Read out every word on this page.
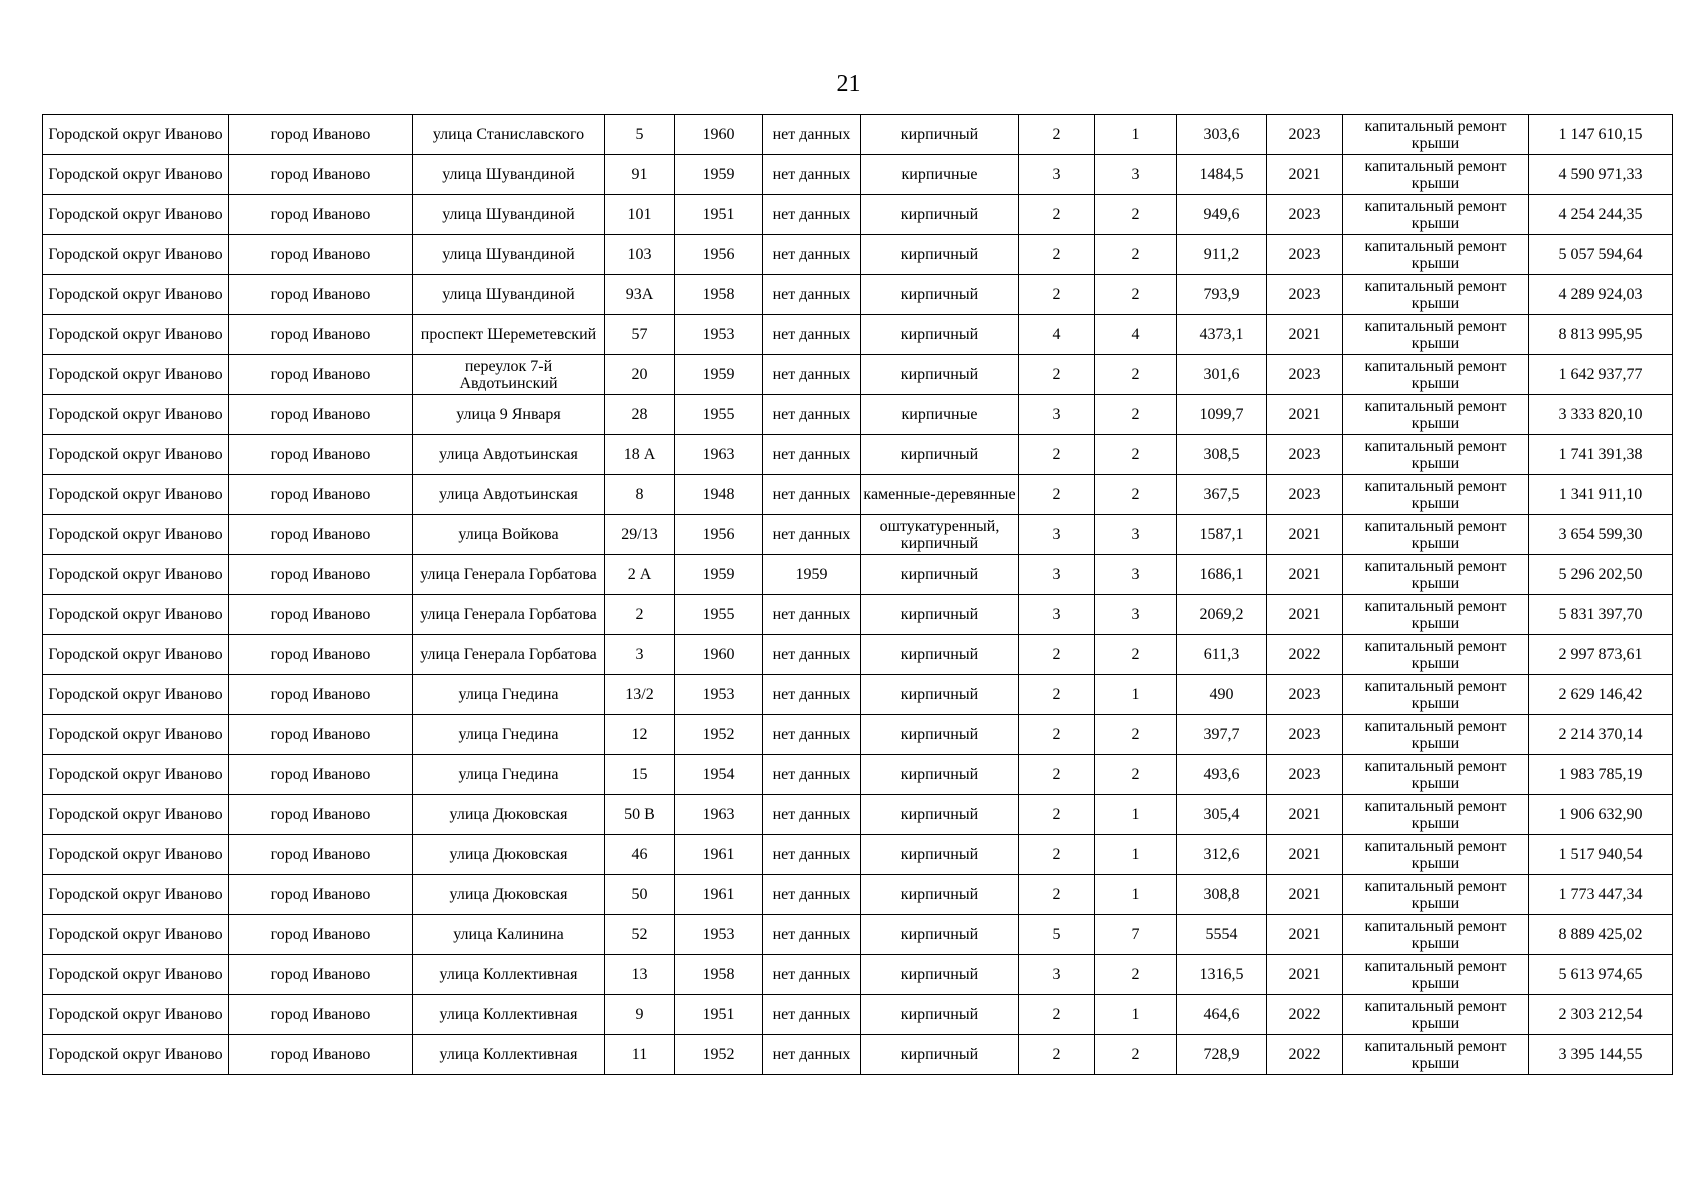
21
Городской округ Иваново	город Иваново	улица Станиславского	5	1960	нет данных	кирпичный	2	1	303,6	2023	капитальный ремонт крыши	1 147 610,15
Городской округ Иваново	город Иваново	улица Шувандиной	91	1959	нет данных	кирпичные	3	3	1484,5	2021	капитальный ремонт крыши	4 590 971,33
Городской округ Иваново	город Иваново	улица Шувандиной	101	1951	нет данных	кирпичный	2	2	949,6	2023	капитальный ремонт крыши	4 254 244,35
Городской округ Иваново	город Иваново	улица Шувандиной	103	1956	нет данных	кирпичный	2	2	911,2	2023	капитальный ремонт крыши	5 057 594,64
Городской округ Иваново	город Иваново	улица Шувандиной	93А	1958	нет данных	кирпичный	2	2	793,9	2023	капитальный ремонт крыши	4 289 924,03
Городской округ Иваново	город Иваново	проспект Шереметевский	57	1953	нет данных	кирпичный	4	4	4373,1	2021	капитальный ремонт крыши	8 813 995,95
Городской округ Иваново	город Иваново	переулок 7-й Авдотьинский	20	1959	нет данных	кирпичный	2	2	301,6	2023	капитальный ремонт крыши	1 642 937,77
Городской округ Иваново	город Иваново	улица 9 Января	28	1955	нет данных	кирпичные	3	2	1099,7	2021	капитальный ремонт крыши	3 333 820,10
Городской округ Иваново	город Иваново	улица Авдотьинская	18 А	1963	нет данных	кирпичный	2	2	308,5	2023	капитальный ремонт крыши	1 741 391,38
Городской округ Иваново	город Иваново	улица Авдотьинская	8	1948	нет данных	каменные-деревянные	2	2	367,5	2023	капитальный ремонт крыши	1 341 911,10
Городской округ Иваново	город Иваново	улица Войкова	29/13	1956	нет данных	оштукатуренный, кирпичный	3	3	1587,1	2021	капитальный ремонт крыши	3 654 599,30
Городской округ Иваново	город Иваново	улица Генерала Горбатова	2 А	1959	1959	кирпичный	3	3	1686,1	2021	капитальный ремонт крыши	5 296 202,50
Городской округ Иваново	город Иваново	улица Генерала Горбатова	2	1955	нет данных	кирпичный	3	3	2069,2	2021	капитальный ремонт крыши	5 831 397,70
Городской округ Иваново	город Иваново	улица Генерала Горбатова	3	1960	нет данных	кирпичный	2	2	611,3	2022	капитальный ремонт крыши	2 997 873,61
Городской округ Иваново	город Иваново	улица Гнедина	13/2	1953	нет данных	кирпичный	2	1	490	2023	капитальный ремонт крыши	2 629 146,42
Городской округ Иваново	город Иваново	улица Гнедина	12	1952	нет данных	кирпичный	2	2	397,7	2023	капитальный ремонт крыши	2 214 370,14
Городской округ Иваново	город Иваново	улица Гнедина	15	1954	нет данных	кирпичный	2	2	493,6	2023	капитальный ремонт крыши	1 983 785,19
Городской округ Иваново	город Иваново	улица Дюковская	50 В	1963	нет данных	кирпичный	2	1	305,4	2021	капитальный ремонт крыши	1 906 632,90
Городской округ Иваново	город Иваново	улица Дюковская	46	1961	нет данных	кирпичный	2	1	312,6	2021	капитальный ремонт крыши	1 517 940,54
Городской округ Иваново	город Иваново	улица Дюковская	50	1961	нет данных	кирпичный	2	1	308,8	2021	капитальный ремонт крыши	1 773 447,34
Городской округ Иваново	город Иваново	улица Калинина	52	1953	нет данных	кирпичный	5	7	5554	2021	капитальный ремонт крыши	8 889 425,02
Городской округ Иваново	город Иваново	улица Коллективная	13	1958	нет данных	кирпичный	3	2	1316,5	2021	капитальный ремонт крыши	5 613 974,65
Городской округ Иваново	город Иваново	улица Коллективная	9	1951	нет данных	кирпичный	2	1	464,6	2022	капитальный ремонт крыши	2 303 212,54
Городской округ Иваново	город Иваново	улица Коллективная	11	1952	нет данных	кирпичный	2	2	728,9	2022	капитальный ремонт крыши	3 395 144,55
